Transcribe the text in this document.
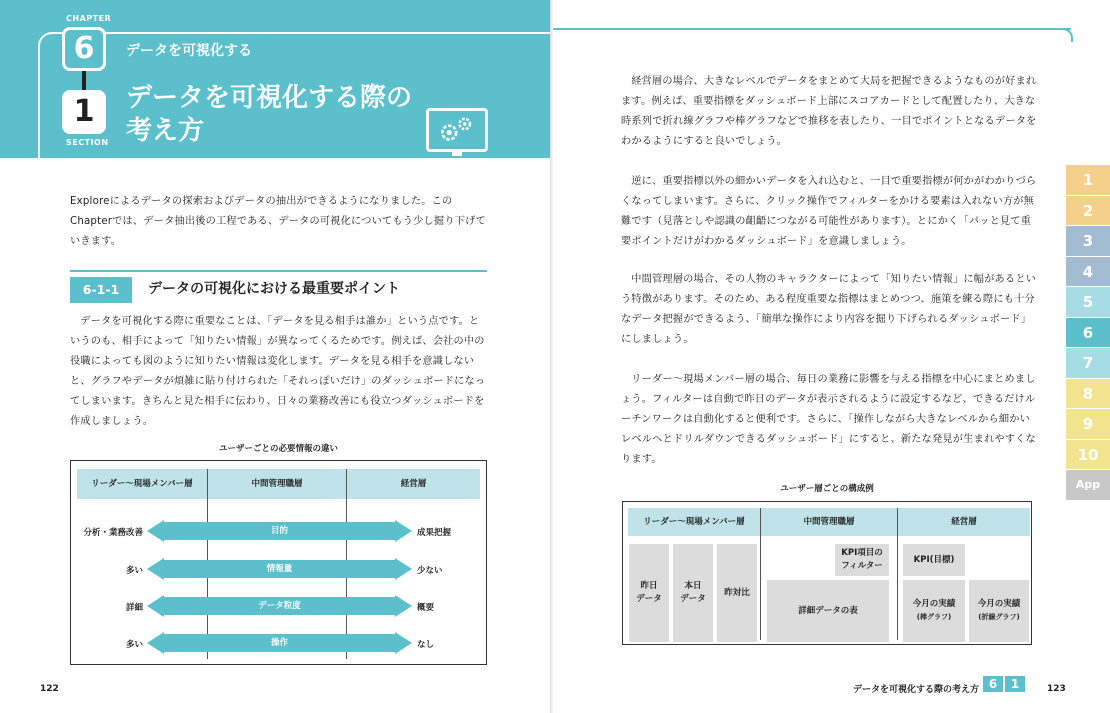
CHAPTER
6
1
SECTION
データを可視化する
データを可視化する際の考え方

Exploreによるデータの探索およびデータの抽出ができるようになりました。このChapterでは、データ抽出後の工程である、データの可視化についてもう少し掘り下げていきます。

6-1-1	データの可視化における最重要ポイント

データを可視化する際に重要なことは、「データを見る相手は誰か」という点です。というのも、相手によって「知りたい情報」が異なってくるためです。例えば、会社の中の役職によっても図のように知りたい情報は変化します。データを見る相手を意識しないと、グラフやデータが煩雑に貼り付けられた「それっぽいだけ」のダッシュボードになってしまいます。きちんと見た相手に伝わり、日々の業務改善にも役立つダッシュボードを作成しましょう。

ユーザーごとの必要情報の違い
リーダー～現場メンバー層	中間管理職層	経営層
分析・業務改善	目的	成果把握
多い	情報量	少ない
詳細	データ粒度	概要
多い	操作	なし
122

経営層の場合、大きなレベルでデータをまとめて大局を把握できるようなものが好まれます。例えば、重要指標をダッシュボード上部にスコアカードとして配置したり、大きな時系列で折れ線グラフや棒グラフなどで推移を表したり、一目でポイントとなるデータをわかるようにすると良いでしょう。

逆に、重要指標以外の細かいデータを入れ込むと、一目で重要指標が何かがわかりづらくなってしまいます。さらに、クリック操作でフィルターをかける要素は入れない方が無難です（見落としや認識の齟齬につながる可能性があります）。とにかく「パッと見て重要ポイントだけがわかるダッシュボード」を意識しましょう。

中間管理層の場合、その人物のキャラクターによって「知りたい情報」に幅があるという特徴があります。そのため、ある程度重要な指標はまとめつつ、施策を練る際にも十分なデータ把握ができるよう、「簡単な操作により内容を掘り下げられるダッシュボード」にしましょう。

リーダー～現場メンバー層の場合、毎日の業務に影響を与える指標を中心にまとめましょう。フィルターは自動で昨日のデータが表示されるように設定するなど、できるだけルーチンワークは自動化すると便利です。さらに、「操作しながら大きなレベルから細かいレベルへとドリルダウンできるダッシュボード」にすると、新たな発見が生まれやすくなります。

ユーザー層ごとの構成例
リーダー～現場メンバー層	中間管理職層	経営層
昨日
データ
本日
データ
昨対比
KPI項目の
フィルター
詳細データの表
KPI(目標)
今月の実績
(棒グラフ)
今月の実績
(折線グラフ)
1
2
3
4
5
6
7
8
9
10
App
データを可視化する際の考え方 6	1	123
